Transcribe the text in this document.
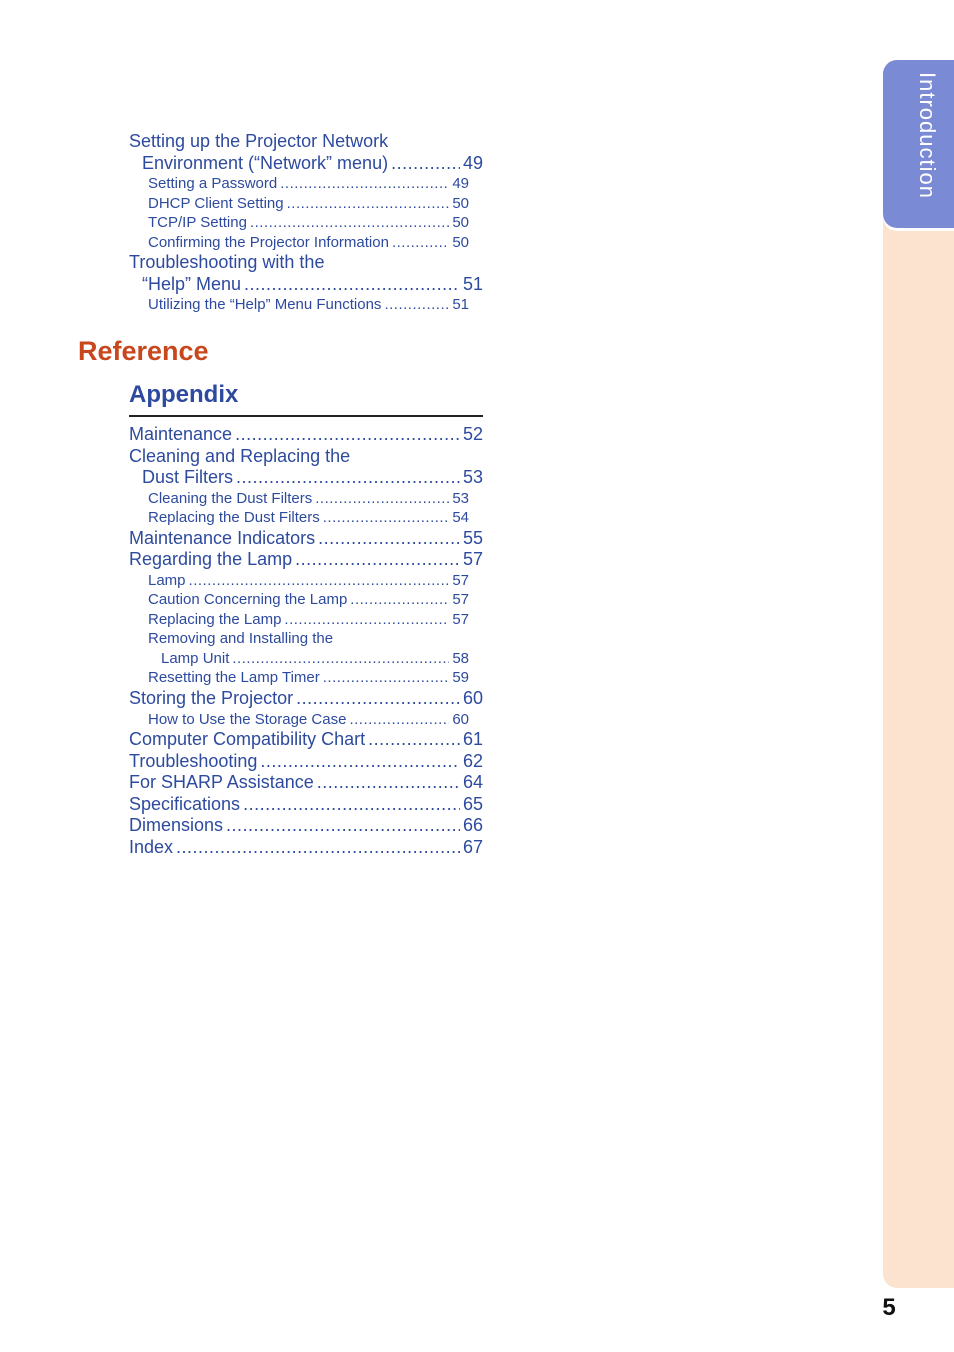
Introduction
Setting up the Projector Network
Environment (“Network” menu) .....	49
Setting a Password .....	49
DHCP Client Setting .....	50
TCP/IP Setting .....	50
Confirming the Projector Information .....	50
Troubleshooting with the
“Help” Menu .....	51
Utilizing the “Help” Menu Functions .....	51
Reference
Appendix
Maintenance .....	52
Cleaning and Replacing the
Dust Filters .....	53
Cleaning the Dust Filters .....	53
Replacing the Dust Filters .....	54
Maintenance Indicators .....	55
Regarding the Lamp .....	57
Lamp .....	57
Caution Concerning the Lamp .....	57
Replacing the Lamp .....	57
Removing and Installing the
Lamp Unit .....	58
Resetting the Lamp Timer .....	59
Storing the Projector .....	60
How to Use the Storage Case .....	60
Computer Compatibility Chart .....	61
Troubleshooting .....	62
For SHARP Assistance .....	64
Specifications .....	65
Dimensions .....	66
Index .....	67
5
